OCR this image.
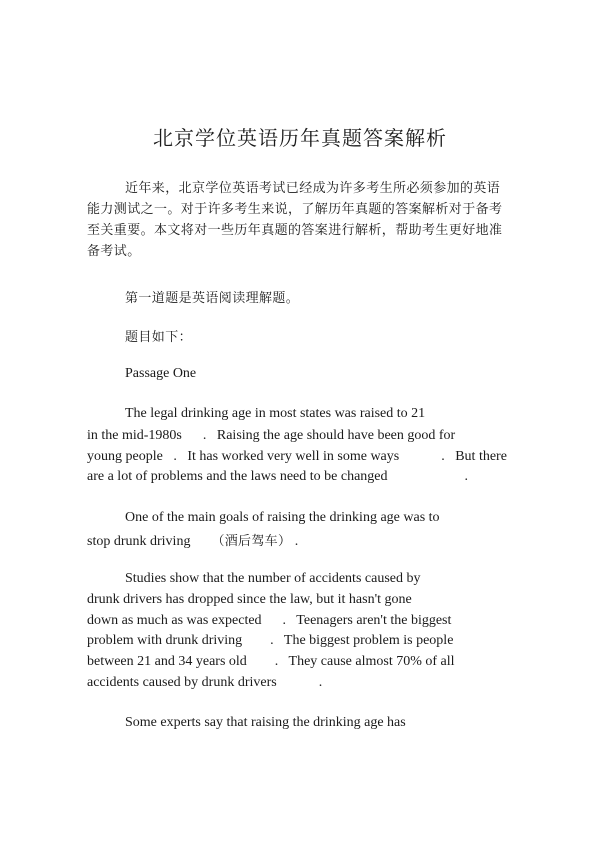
北京学位英语历年真题答案解析
近年来，北京学位英语考试已经成为许多考生所必须参加的英语能力测试之一。对于许多考生来说，了解历年真题的答案解析对于备考至关重要。本文将对一些历年真题的答案进行解析，帮助考生更好地准备考试。
第一道题是英语阅读理解题。
题目如下：
Passage One
The legal drinking age in most states was raised to 21
in the mid-1980s      .   Raising the age should have been good for
young people   .   It has worked very well in some ways            .   But there
are a lot of problems and the laws need to be changed                      .
One of the main goals of raising the drinking age was to
stop drunk driving      （酒后驾车） .
Studies show that the number of accidents caused by
drunk drivers has dropped since the law, but it hasn't gone
down as much as was expected      .   Teenagers aren't the biggest
problem with drunk driving        .   The biggest problem is people
between 21 and 34 years old        .   They cause almost 70% of all
accidents caused by drunk drivers            .
Some experts say that raising the drinking age has
